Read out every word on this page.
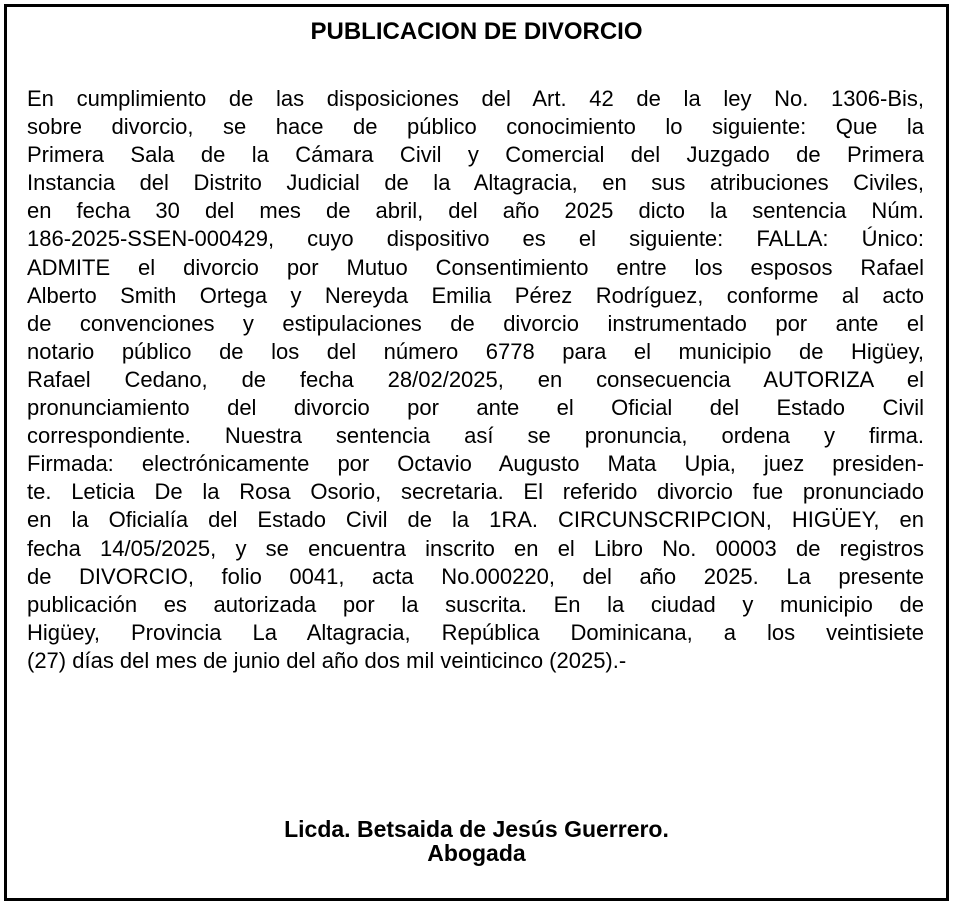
PUBLICACION DE DIVORCIO

En cumplimiento de las disposiciones del Art. 42 de la ley No. 1306-Bis,
sobre divorcio, se hace de público conocimiento lo siguiente: Que la
Primera Sala de la Cámara Civil y Comercial del Juzgado de Primera
Instancia del Distrito Judicial de la Altagracia, en sus atribuciones Civiles,
en fecha 30 del mes de abril, del año 2025 dicto la sentencia Núm.
186-2025-SSEN-000429, cuyo dispositivo es el siguiente: FALLA: Único:
ADMITE el divorcio por Mutuo Consentimiento entre los esposos Rafael
Alberto Smith Ortega y Nereyda Emilia Pérez Rodríguez, conforme al acto
de convenciones y estipulaciones de divorcio instrumentado por ante el
notario público de los del número 6778 para el municipio de Higüey,
Rafael Cedano, de fecha 28/02/2025, en consecuencia AUTORIZA el
pronunciamiento del divorcio por ante el Oficial del Estado Civil
correspondiente. Nuestra sentencia así se pronuncia, ordena y firma.
Firmada: electrónicamente por Octavio Augusto Mata Upia, juez presiden-
te. Leticia De la Rosa Osorio, secretaria. El referido divorcio fue pronunciado
en la Oficialía del Estado Civil de la 1RA. CIRCUNSCRIPCION, HIGÜEY, en
fecha 14/05/2025, y se encuentra inscrito en el Libro No. 00003 de registros
de DIVORCIO, folio 0041, acta No.000220, del año 2025. La presente
publicación es autorizada por la suscrita. En la ciudad y municipio de
Higüey, Provincia La Altagracia, República Dominicana, a los veintisiete
(27) días del mes de junio del año dos mil veinticinco (2025).-

Licda. Betsaida de Jesús Guerrero.
Abogada
